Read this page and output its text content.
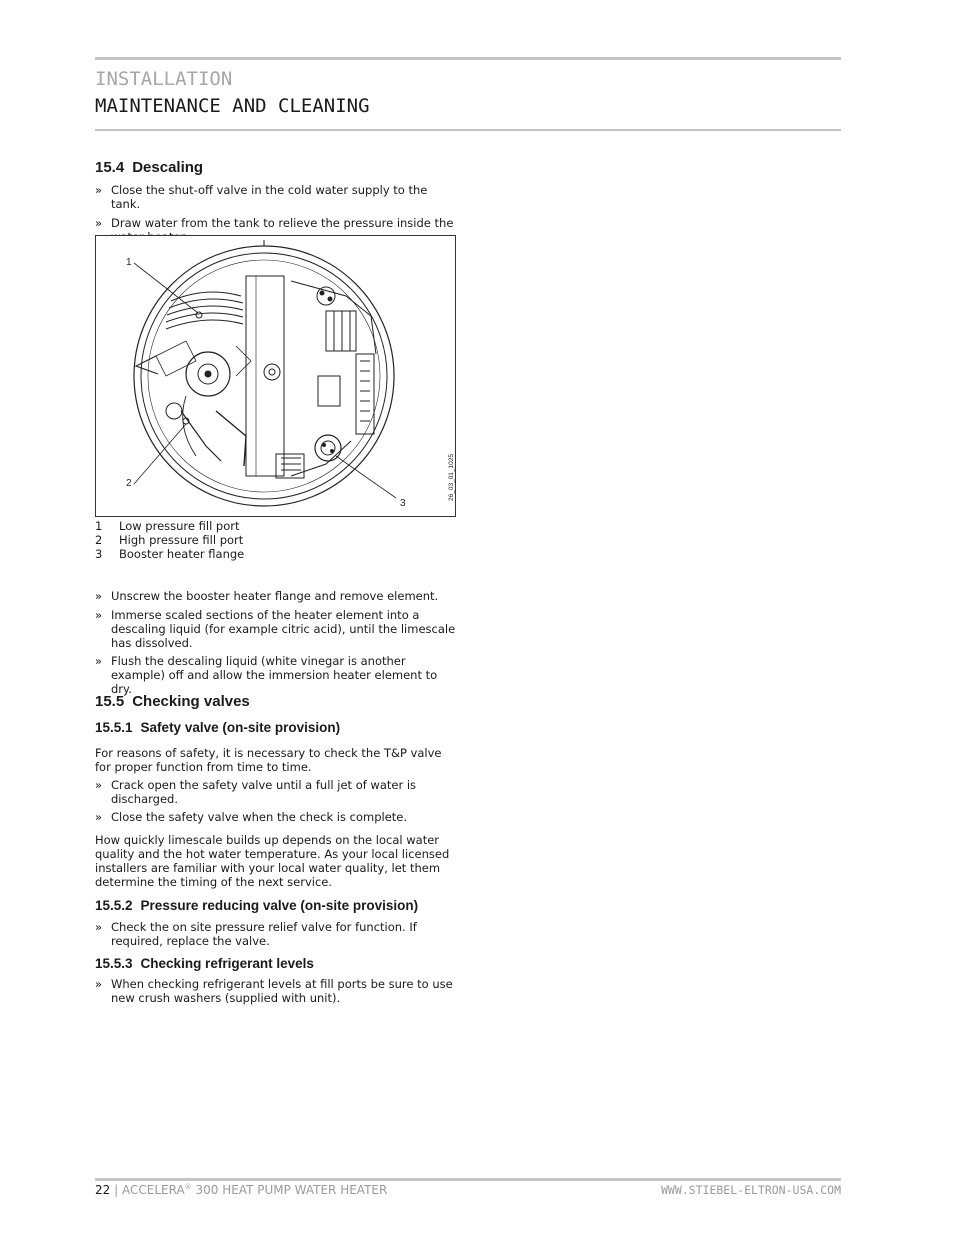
INSTALLATION
MAINTENANCE AND CLEANING
15.4 Descaling

» Close the shut-off valve in the cold water supply to the tank.

» Draw water from the tank to relieve the pressure inside the

1
2
3
26_03_01_1025
1 Low pressure fill port
2 High pressure fill port
3 Booster heater flange

» Unscrew the booster heater flange and remove element.

» Immerse scaled sections of the heater element into a descaling liquid (for example citric acid), until the limescale has dissolved.

» Flush the descaling liquid (white vinegar is another example) off and allow the immersion heater element to dry.

15.5 Checking valves
15.5.1 Safety valve (on-site provision)

For reasons of safety, it is necessary to check the T&P valve for proper function from time to time.

» Crack open the safety valve until a full jet of water is discharged.

» Close the safety valve when the check is complete.

How quickly limescale builds up depends on the local water quality and the hot water temperature. As your local licensed installers are familiar with your local water quality, let them determine the timing of the next service.

15.5.2 Pressure reducing valve (on-site provision)

» Check the on site pressure relief valve for function. If required, replace the valve.

15.5.3 Checking refrigerant levels

» When checking refrigerant levels at fill ports be sure to use new crush washers (supplied with unit).

22 | ACCELERA® 300 HEAT PUMP WATER HEATER	WWW.STIEBEL-ELTRON-USA.COM
